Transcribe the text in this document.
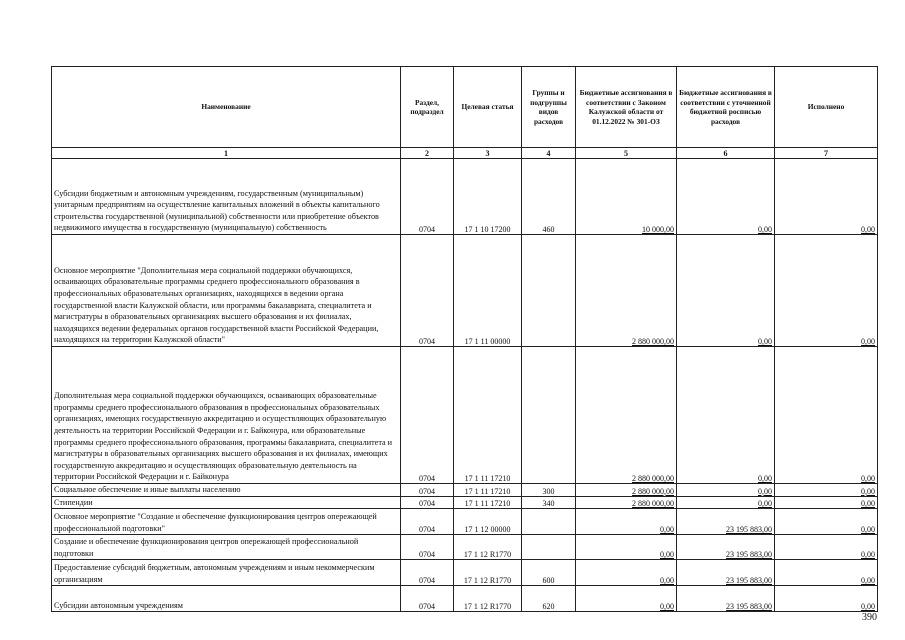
Наименование	Раздел, подраздел	Целевая статья	Группы и подгруппы видов расходов	Бюджетные ассигнования в соответствии с Законом Калужской области от 01.12.2022 № 301-ОЗ	Бюджетные ассигнования в соответствии с уточненной бюджетной росписью расходов	Исполнено
1	2	3	4	5	6	7
Субсидии бюджетным и автономным учреждениям, государственным (муниципальным) унитарным предприятиям на осуществление капитальных вложений в объекты капитального строительства государственной (муниципальной) собственности или приобретение объектов недвижимого имущества в государственную (муниципальную) собственность	0704	17 1 10 17200	460	10 000,00	0,00	0,00
Основное мероприятие "Дополнительная мера социальной поддержки обучающихся, осваивающих образовательные программы среднего профессионального образования в профессиональных образовательных организациях, находящихся в ведении органа государственной власти Калужской области, или программы бакалавриата, специалитета и магистратуры в образовательных организациях высшего образования и их филиалах, находящихся ведении федеральных органов государственной власти Российской Федерации, находящихся на территории Калужской области"	0704	17 1 11 00000		2 880 000,00	0,00	0,00
Дополнительная мера социальной поддержки обучающихся, осваивающих образовательные программы среднего профессионального образования в профессиональных образовательных организациях, имеющих государственную аккредитацию и осуществляющих образовательную деятельность на территории Российской Федерации и г. Байконура, или образовательные программы среднего профессионального образования, программы бакалавриата, специалитета и магистратуры в образовательных организациях высшего образования и их филиалах, имеющих государственную аккредитацию и осуществляющих образовательную деятельность на территории Российской Федерации и г. Байконура	0704	17 1 11 17210		2 880 000,00	0,00	0,00
Социальное обеспечение и иные выплаты населению	0704	17 1 11 17210	300	2 880 000,00	0,00	0,00
Стипендии	0704	17 1 11 17210	340	2 880 000,00	0,00	0,00
Основное мероприятие "Создание и обеспечение функционирования центров опережающей профессиональной подготовки"	0704	17 1 12 00000		0,00	23 195 883,00	0,00
Создание и обеспечение функционирования центров опережающей профессиональной подготовки	0704	17 1 12 R1770		0,00	23 195 883,00	0,00
Предоставление субсидий бюджетным, автономным учреждениям и иным некоммерческим организациям	0704	17 1 12 R1770	600	0,00	23 195 883,00	0,00
Субсидии автономным учреждениям	0704	17 1 12 R1770	620	0,00	23 195 883,00	0,00
390
